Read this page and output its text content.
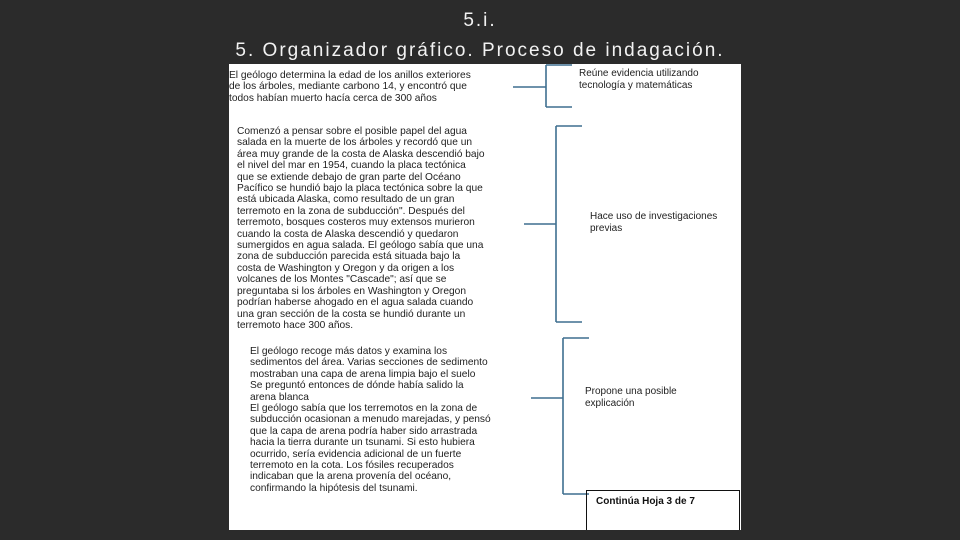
5.i.
5. Organizador gráfico. Proceso de indagación.
El geólogo determina la edad de los anillos exteriores
de los árboles, mediante carbono 14, y encontró que
todos habían muerto hacía cerca de 300 años
Comenzó a pensar sobre el posible papel del agua
salada en la muerte de los árboles y recordó que un
área muy grande de la costa de Alaska descendió bajo
el nivel del mar en 1954, cuando la placa tectónica
que se extiende debajo de gran parte del Océano
Pacífico se hundió bajo la placa tectónica sobre la que
está ubicada Alaska, como resultado de un gran
terremoto en la zona de subducción". Después del
terremoto, bosques costeros muy extensos murieron
cuando la costa de Alaska descendió y quedaron
sumergidos en agua salada. El geólogo sabía que una
zona de subducción parecida está situada bajo la
costa de Washington y Oregon y da origen a los
volcanes de los Montes "Cascade"; así que se
preguntaba si los árboles en Washington y Oregon
podrían haberse ahogado en el agua salada cuando
una gran sección de la costa se hundió durante un
terremoto hace 300 años.
El geólogo recoge más datos y examina los
sedimentos del área. Varias secciones de sedimento
mostraban una capa de arena limpia bajo el suelo
Se preguntó entonces de dónde había salido la
arena blanca
El geólogo sabía que los terremotos en la zona de
subducción ocasionan a menudo marejadas, y pensó
que la capa de arena podría haber sido arrastrada
hacia la tierra durante un tsunami. Si esto hubiera
ocurrido, sería evidencia adicional de un fuerte
terremoto en la cota. Los fósiles recuperados
indicaban que la arena provenía del océano,
confirmando la hipótesis del tsunami.
Reúne evidencia utilizando
tecnología y matemáticas
Hace uso de investigaciones
previas
Propone una posible
explicación
Continúa Hoja 3 de 7
